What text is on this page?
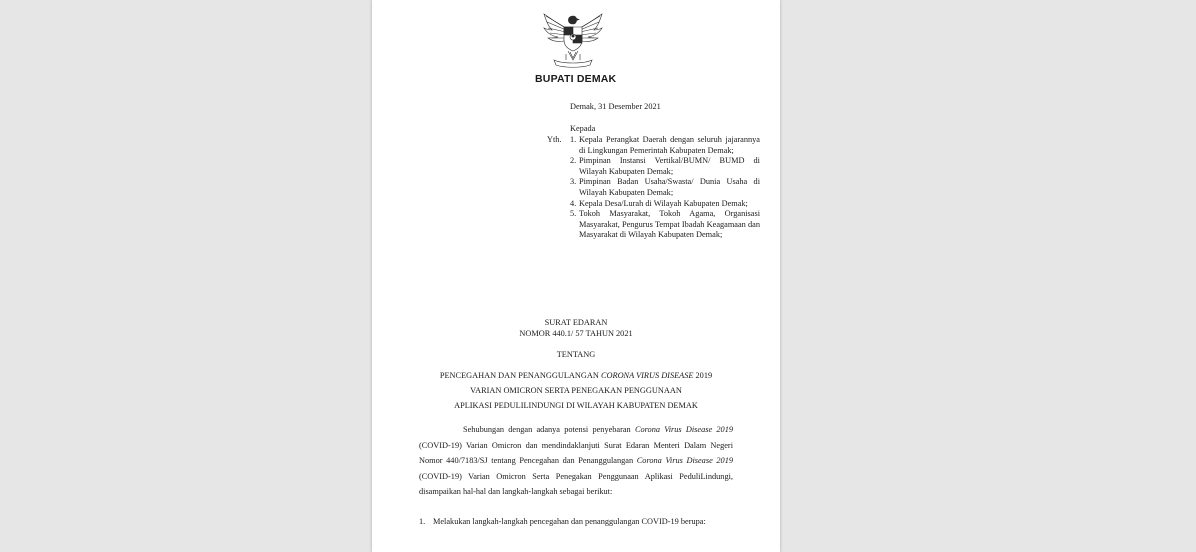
BUPATI DEMAK
Demak, 31 Desember 2021
Kepada
Yth. 1. Kepala Perangkat Daerah dengan seluruh jajarannya di Lingkungan Pemerintah Kabupaten Demak;
2. Pimpinan Instansi Vertikal/BUMN/ BUMD di Wilayah Kabupaten Demak;
3. Pimpinan Badan Usaha/Swasta/ Dunia Usaha di Wilayah Kabupaten Demak;
4. Kepala Desa/Lurah di Wilayah Kabupaten Demak;
5. Tokoh Masyarakat, Tokoh Agama, Organisasi Masyarakat, Pengurus Tempat Ibadah Keagamaan dan Masyarakat di Wilayah Kabupaten Demak;
SURAT EDARAN
NOMOR 440.1/ 57 TAHUN 2021
TENTANG
PENCEGAHAN DAN PENANGGULANGAN CORONA VIRUS DISEASE 2019
VARIAN OMICRON SERTA PENEGAKAN PENGGUNAAN
APLIKASI PEDULILINDUNGI DI WILAYAH KABUPATEN DEMAK
Sehubungan dengan adanya potensi penyebaran Corona Virus Disease 2019 (COVID-19) Varian Omicron dan mendindaklanjuti Surat Edaran Menteri Dalam Negeri Nomor 440/7183/SJ tentang Pencegahan dan Penanggulangan Corona Virus Disease 2019 (COVID-19) Varian Omicron Serta Penegakan Penggunaan Aplikasi PeduliLindungi, disampaikan hal-hal dan langkah-langkah sebagai berikut:
1. Melakukan langkah-langkah pencegahan dan penanggulangan COVID-19 berupa:
